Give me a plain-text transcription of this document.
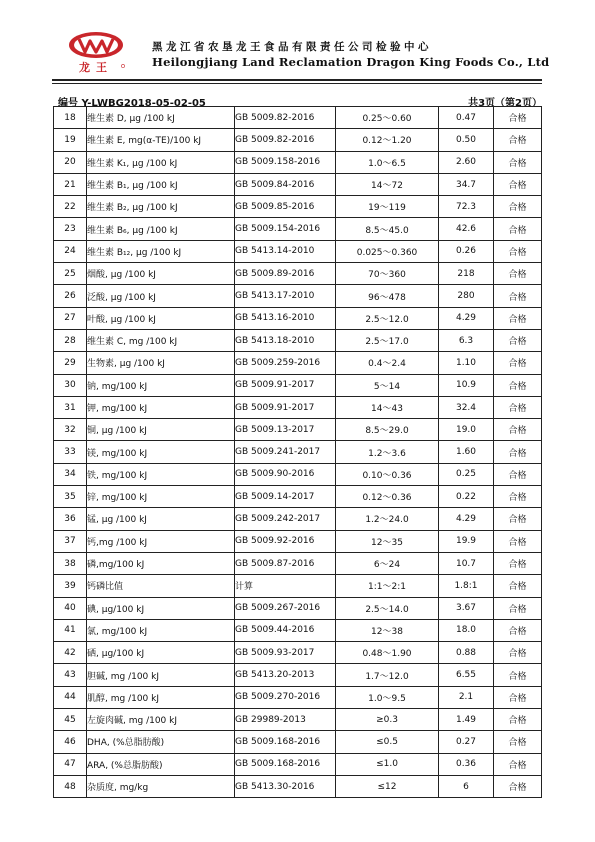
龙王
黑龙江省农垦龙王食品有限责任公司检验中心
Heilongjiang Land Reclamation Dragon King Foods Co., Ltd
编号 Y-LWBG2018-05-02-05	共3页（第2页）
18	维生素 D, μg /100 kJ	GB 5009.82-2016	0.25～0.60	0.47	合格
19	维生素 E, mg(α-TE)/100 kJ	GB 5009.82-2016	0.12～1.20	0.50	合格
20	维生素 K₁, μg /100 kJ	GB 5009.158-2016	1.0～6.5	2.60	合格
21	维生素 B₁, μg /100 kJ	GB 5009.84-2016	14～72	34.7	合格
22	维生素 B₂, μg /100 kJ	GB 5009.85-2016	19～119	72.3	合格
23	维生素 B₆, μg /100 kJ	GB 5009.154-2016	8.5～45.0	42.6	合格
24	维生素 B₁₂, μg /100 kJ	GB 5413.14-2010	0.025～0.360	0.26	合格
25	烟酸, μg /100 kJ	GB 5009.89-2016	70～360	218	合格
26	泛酸, μg /100 kJ	GB 5413.17-2010	96～478	280	合格
27	叶酸, μg /100 kJ	GB 5413.16-2010	2.5～12.0	4.29	合格
28	维生素 C, mg /100 kJ	GB 5413.18-2010	2.5～17.0	6.3	合格
29	生物素, μg /100 kJ	GB 5009.259-2016	0.4～2.4	1.10	合格
30	钠, mg/100 kJ	GB 5009.91-2017	5～14	10.9	合格
31	钾, mg/100 kJ	GB 5009.91-2017	14～43	32.4	合格
32	铜, μg /100 kJ	GB 5009.13-2017	8.5～29.0	19.0	合格
33	镁, mg/100 kJ	GB 5009.241-2017	1.2～3.6	1.60	合格
34	铁, mg/100 kJ	GB 5009.90-2016	0.10～0.36	0.25	合格
35	锌, mg/100 kJ	GB 5009.14-2017	0.12～0.36	0.22	合格
36	锰, μg /100 kJ	GB 5009.242-2017	1.2～24.0	4.29	合格
37	钙,mg /100 kJ	GB 5009.92-2016	12～35	19.9	合格
38	磷,mg/100 kJ	GB 5009.87-2016	6～24	10.7	合格
39	钙磷比值	计算	1:1～2:1	1.8:1	合格
40	碘, μg/100 kJ	GB 5009.267-2016	2.5～14.0	3.67	合格
41	氯, mg/100 kJ	GB 5009.44-2016	12～38	18.0	合格
42	硒, μg/100 kJ	GB 5009.93-2017	0.48～1.90	0.88	合格
43	胆碱, mg /100 kJ	GB 5413.20-2013	1.7～12.0	6.55	合格
44	肌醇, mg /100 kJ	GB 5009.270-2016	1.0～9.5	2.1	合格
45	左旋肉碱, mg /100 kJ	GB 29989-2013	≥0.3	1.49	合格
46	DHA, (%总脂肪酸)	GB 5009.168-2016	≤0.5	0.27	合格
47	ARA, (%总脂肪酸)	GB 5009.168-2016	≤1.0	0.36	合格
48	杂质度, mg/kg	GB 5413.30-2016	≤12	6	合格
